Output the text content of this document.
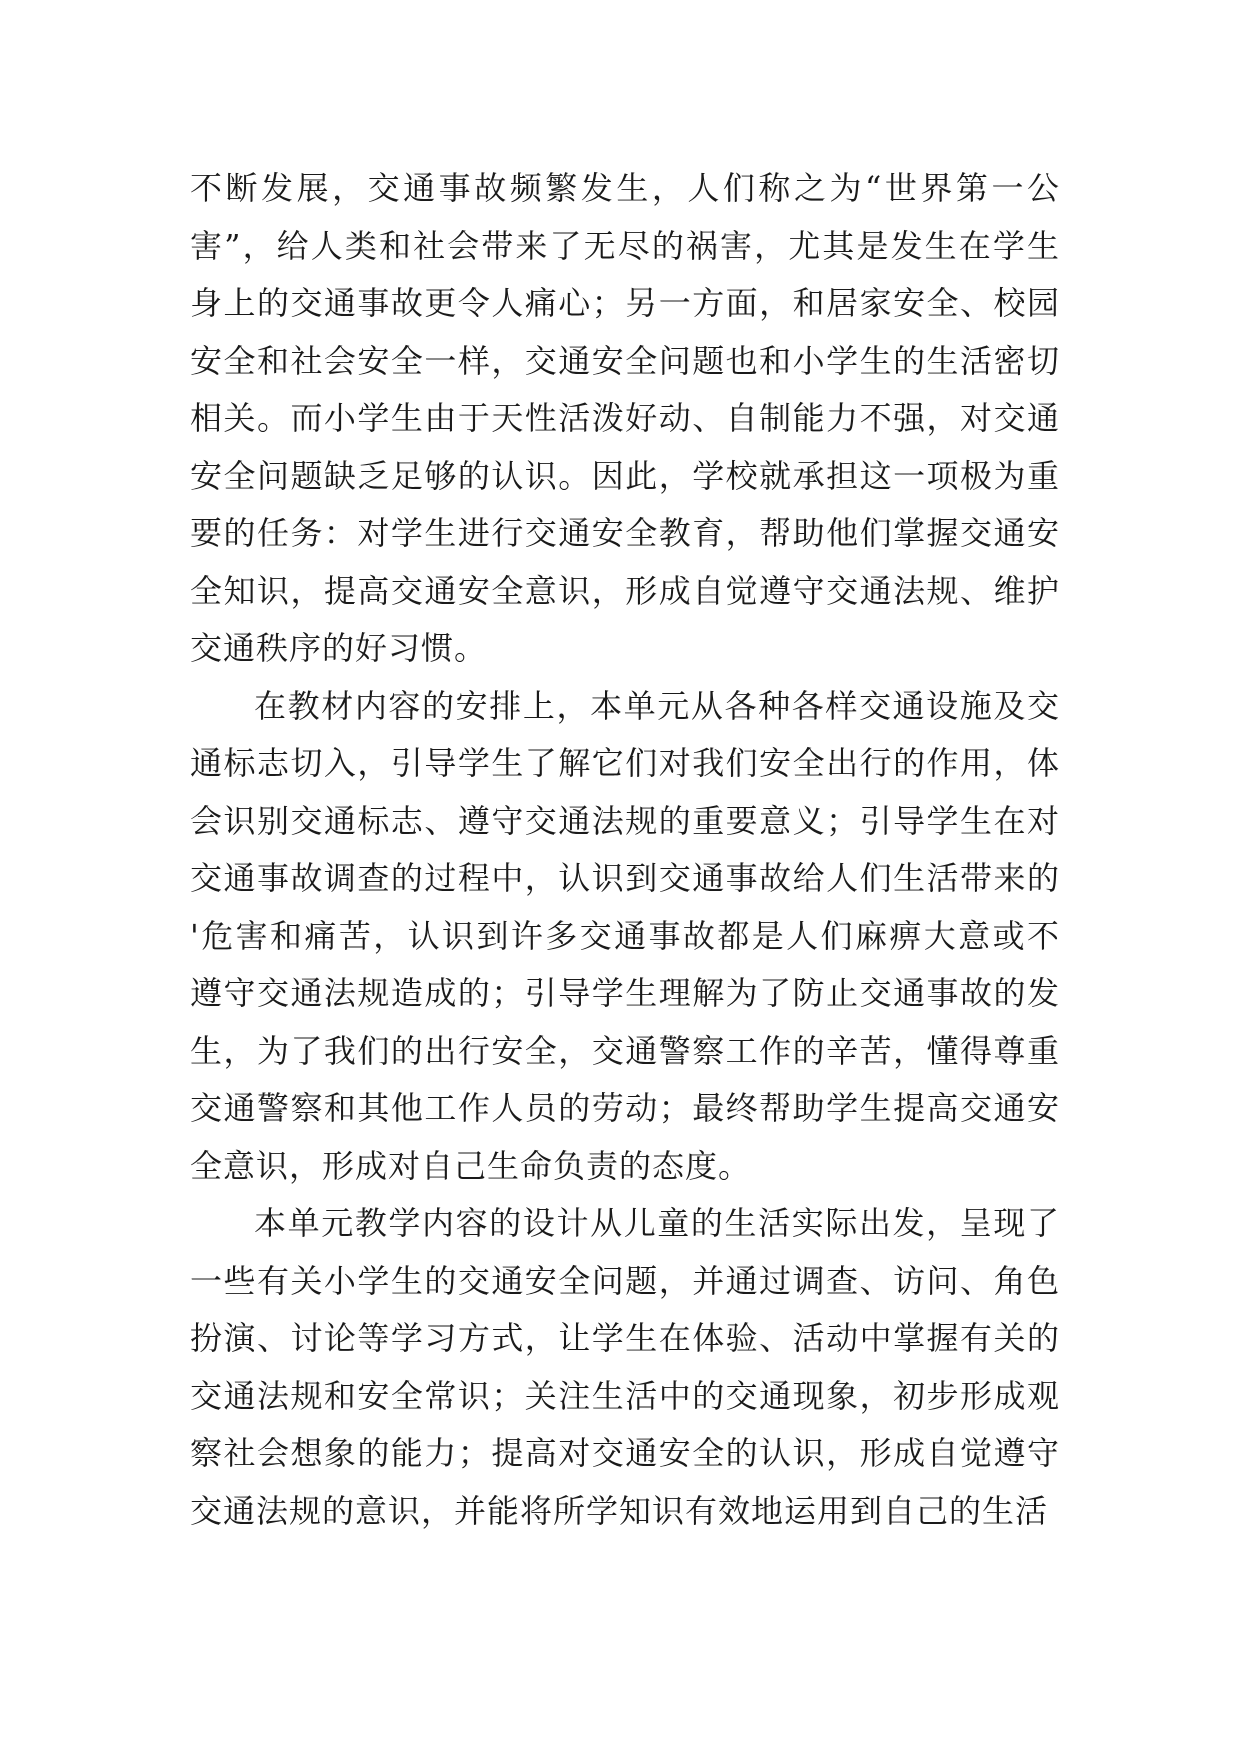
不断发展，交通事故频繁发生，人们称之为“世界第一公
害”，给人类和社会带来了无尽的祸害，尤其是发生在学生
身上的交通事故更令人痛心；另一方面，和居家安全、校园
安全和社会安全一样，交通安全问题也和小学生的生活密切
相关。而小学生由于天性活泼好动、自制能力不强，对交通
安全问题缺乏足够的认识。因此，学校就承担这一项极为重
要的任务：对学生进行交通安全教育，帮助他们掌握交通安
全知识，提高交通安全意识，形成自觉遵守交通法规、维护
交通秩序的好习惯。
在教材内容的安排上，本单元从各种各样交通设施及交
通标志切入，引导学生了解它们对我们安全出行的作用，体
会识别交通标志、遵守交通法规的重要意义；引导学生在对
交通事故调查的过程中，认识到交通事故给人们生活带来的
'危害和痛苦，认识到许多交通事故都是人们麻痹大意或不
遵守交通法规造成的；引导学生理解为了防止交通事故的发
生，为了我们的出行安全，交通警察工作的辛苦，懂得尊重
交通警察和其他工作人员的劳动；最终帮助学生提高交通安
全意识，形成对自己生命负责的态度。
本单元教学内容的设计从儿童的生活实际出发，呈现了
一些有关小学生的交通安全问题，并通过调查、访问、角色
扮演、讨论等学习方式，让学生在体验、活动中掌握有关的
交通法规和安全常识；关注生活中的交通现象，初步形成观
察社会想象的能力；提高对交通安全的认识，形成自觉遵守
交通法规的意识，并能将所学知识有效地运用到自己的生活
